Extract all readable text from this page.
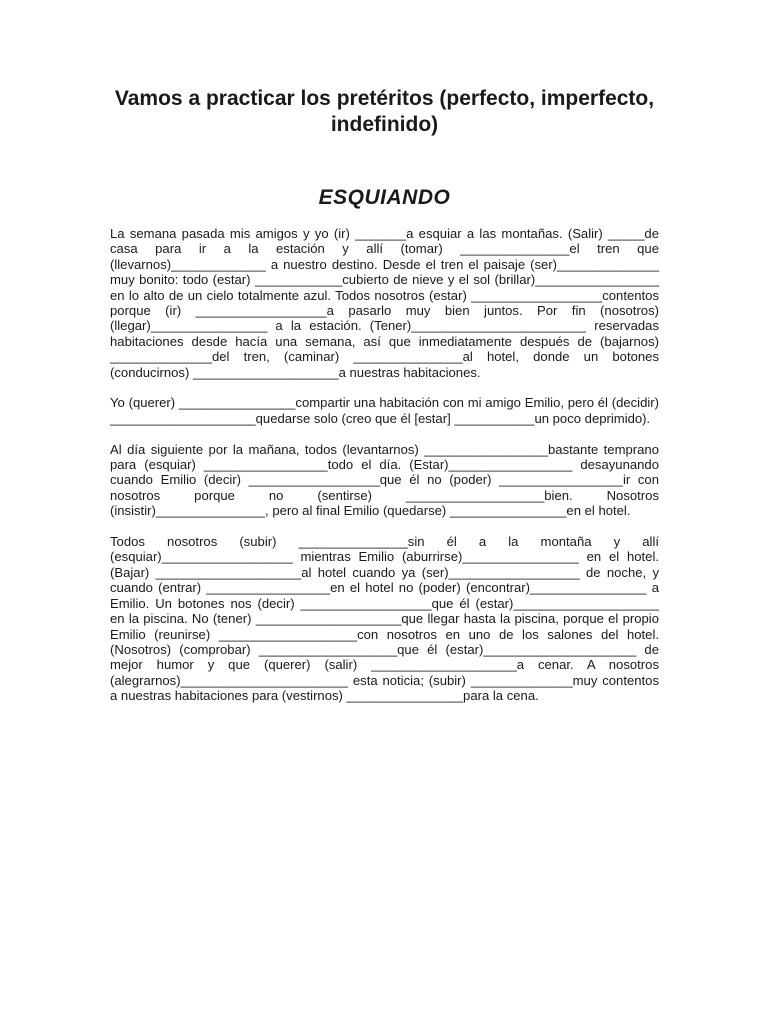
Vamos a practicar los pretéritos (perfecto, imperfecto, indefinido)
ESQUIANDO

La semana pasada mis amigos y yo (ir) _______a esquiar a las montañas. (Salir) _____de casa para ir a la estación y allí (tomar) _______________el tren que (llevarnos)_____________ a nuestro destino. Desde el tren el paisaje (ser)______________ muy bonito: todo (estar) ____________cubierto de nieve y el sol (brillar)_________________ en lo alto de un cielo totalmente azul. Todos nosotros (estar) __________________contentos porque (ir) __________________a pasarlo muy bien juntos. Por fin (nosotros) (llegar)________________ a la estación. (Tener)________________________ reservadas habitaciones desde hacía una semana, así que inmediatamente después de (bajarnos) ______________del tren, (caminar) _______________al hotel, donde un botones (conducirnos) ____________________a nuestras habitaciones.

Yo (querer) ________________compartir una habitación con mi amigo Emilio, pero él (decidir) ____________________quedarse solo (creo que él [estar] ___________un poco deprimido).

Al día siguiente por la mañana, todos (levantarnos) _________________bastante temprano para (esquiar) _________________todo el día. (Estar)_________________ desayunando cuando Emilio (decir) __________________que él no (poder) _________________ir con nosotros porque no (sentirse) ___________________bien. Nosotros (insistir)_______________, pero al final Emilio (quedarse) ________________en el hotel.

Todos nosotros (subir) _______________sin él a la montaña y allí (esquiar)__________________ mientras Emilio (aburrirse)________________ en el hotel. (Bajar) ____________________al hotel cuando ya (ser)__________________ de noche, y cuando (entrar) _________________en el hotel no (poder) (encontrar)________________ a Emilio. Un botones nos (decir) __________________que él (estar)____________________ en la piscina. No (tener) ____________________que llegar hasta la piscina, porque el propio Emilio (reunirse) ___________________con nosotros en uno de los salones del hotel. (Nosotros) (comprobar) ___________________que él (estar)_____________________ de mejor humor y que (querer) (salir) ____________________a cenar. A nosotros (alegrarnos)_______________________ esta noticia; (subir) ______________muy contentos a nuestras habitaciones para (vestirnos) ________________para la cena.
